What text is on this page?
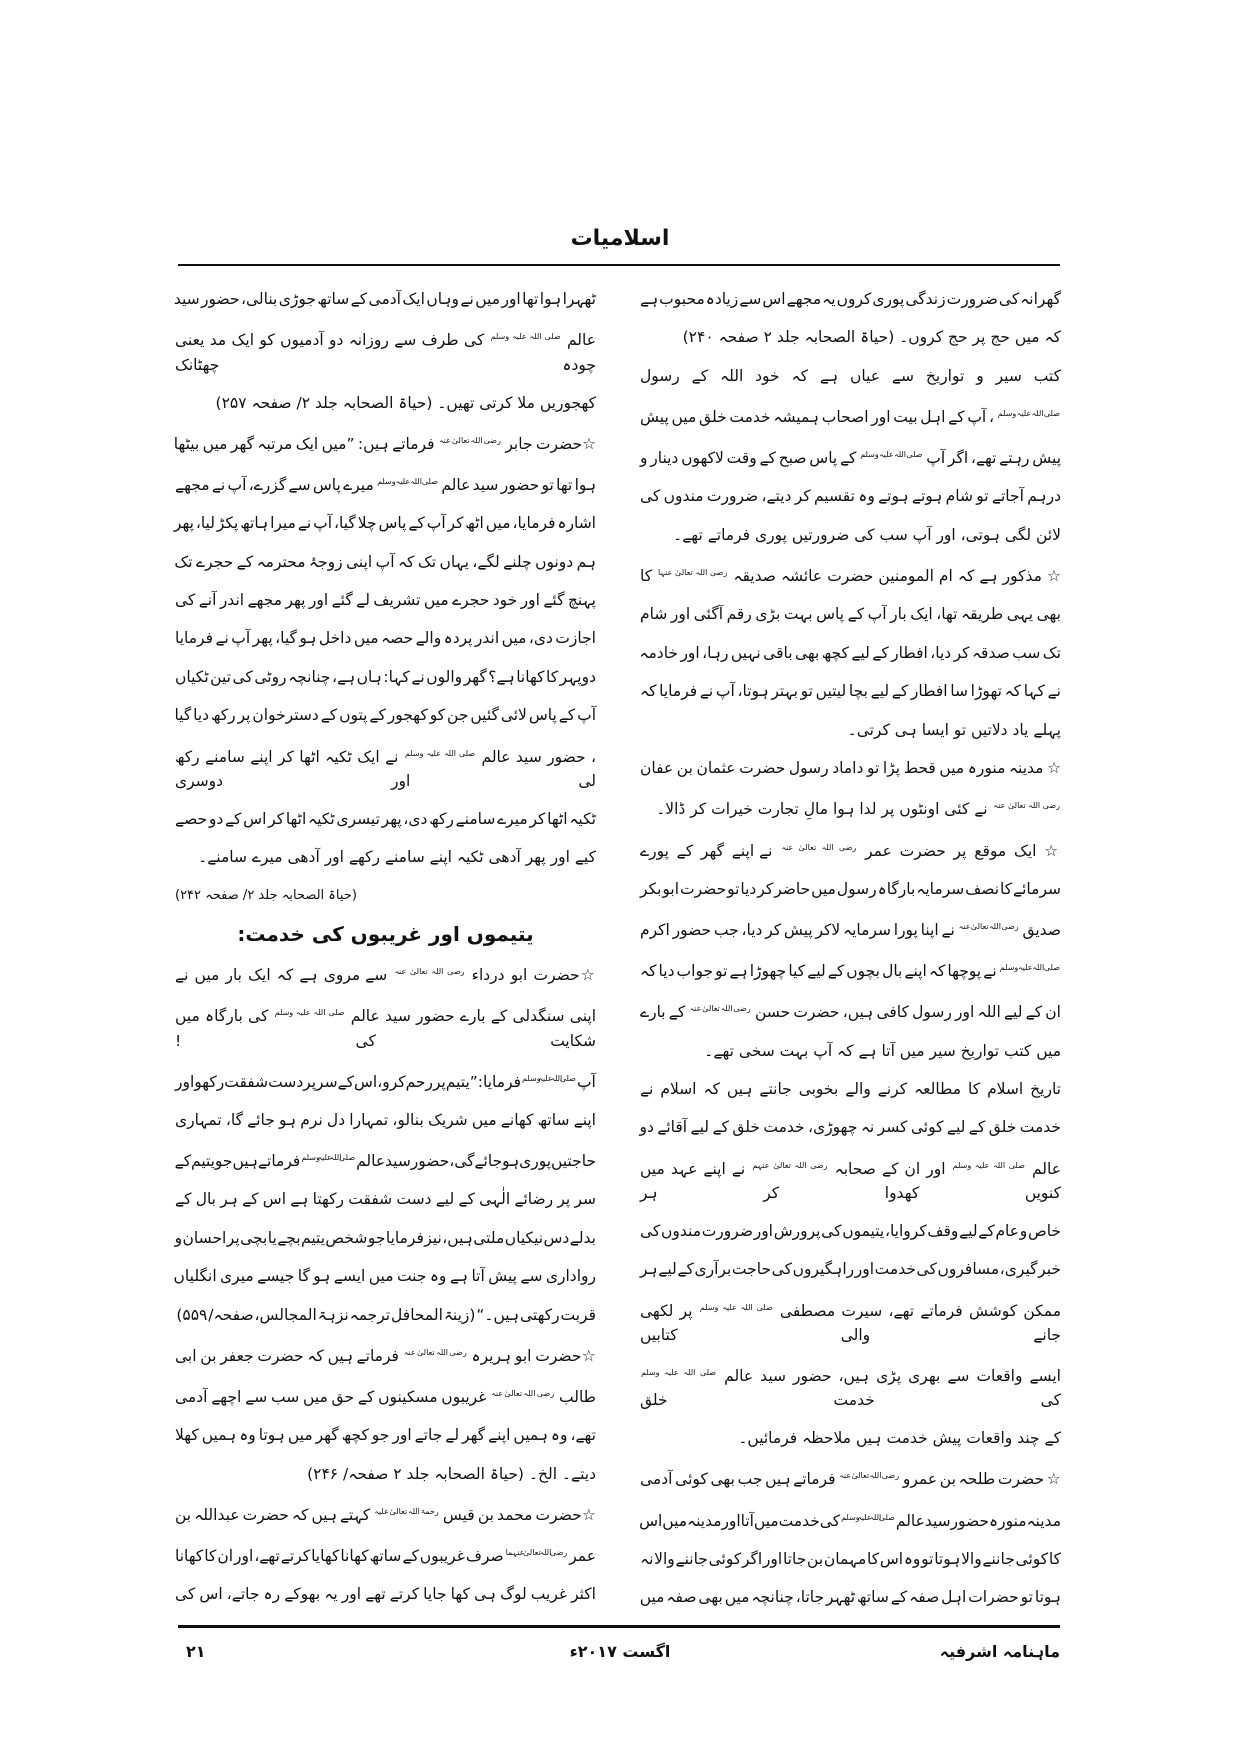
اسلامیات
گھرانہ کی ضرورت زندگی پوری کروں یہ مجھے اس سے زیادہ محبوب ہے
کہ میں حج پر حج کروں۔ (حیاۃ الصحابہ جلد ۲ صفحہ ۲۴۰)
کتب سیر و تواریخ سے عیاں ہے کہ خود اللہ کے رسول
$^{صلی اللہ علیہ وسلم}$ ، آپ کے اہل بیت اور اصحاب ہمیشہ خدمت خلق میں پیش
پیش رہتے تھے، اگر آپ $^{صلی اللہ علیہ وسلم}$ کے پاس صبح کے وقت لاکھوں دینار و
درہم آجاتے تو شام ہوتے ہوتے وہ تقسیم کر دیتے، ضرورت مندوں کی
لائن لگی ہوتی، اور آپ سب کی ضرورتیں پوری فرماتے تھے۔
☆ مذکور ہے کہ ام المومنین حضرت عائشہ صدیقہ $^{رضی اللہ تعالیٰ عنہا}$ کا
بھی یہی طریقہ تھا، ایک بار آپ کے پاس بہت بڑی رقم آگئی اور شام
تک سب صدقہ کر دیا، افطار کے لیے کچھ بھی باقی نہیں رہا، اور خادمہ
نے کہا کہ تھوڑا سا افطار کے لیے بچا لیتیں تو بہتر ہوتا، آپ نے فرمایا کہ
پہلے یاد دلاتیں تو ایسا ہی کرتی۔
☆ مدینہ منورہ میں قحط پڑا تو داماد رسول حضرت عثمان بن عفان
$^{رضی اللہ تعالیٰ عنہ}$ نے کئی اونٹوں پر لدا ہوا مالِ تجارت خیرات کر ڈالا۔
☆ ایک موقع پر حضرت عمر $^{رضی اللہ تعالیٰ عنہ}$ نے اپنے گھر کے پورے
سرمائے کا نصف سرمایہ بارگاہ رسول میں حاضر کر دیا تو حضرت ابو بکر
صدیق $^{رضی اللہ تعالیٰ عنہ}$ نے اپنا پورا سرمایہ لاکر پیش کر دیا، جب حضور اکرم
$^{صلی اللہ علیہ وسلم}$ نے پوچھا کہ اپنے بال بچوں کے لیے کیا چھوڑا ہے تو جواب دیا کہ
ان کے لیے اللہ اور رسول کافی ہیں، حضرت حسن $^{رضی اللہ تعالیٰ عنہ}$ کے بارے
میں کتب تواریخ سیر میں آتا ہے کہ آپ بہت سخی تھے۔
تاریخ اسلام کا مطالعہ کرنے والے بخوبی جانتے ہیں کہ اسلام نے
خدمت خلق کے لیے کوئی کسر نہ چھوڑی، خدمت خلق کے لیے آقائے دو
عالم $^{صلی اللہ علیہ وسلم}$ اور ان کے صحابہ $^{رضی اللہ تعالیٰ عنہم}$ نے اپنے عہد میں کنویں کھدوا کر ہر
خاص و عام کے لیے وقف کروایا، یتیموں کی پرورش اور ضرورت مندوں کی
خبر گیری، مسافروں کی خدمت اور راہگیروں کی حاجت برآری کے لیے ہر
ممکن کوشش فرماتے تھے، سیرت مصطفی $^{صلی اللہ علیہ وسلم}$ پر لکھی جانے والی کتابیں
ایسے واقعات سے بھری پڑی ہیں، حضور سید عالم $^{صلی اللہ علیہ وسلم}$ کی خدمت خلق
کے چند واقعات پیش خدمت ہیں ملاحظہ فرمائیں۔
☆ حضرت طلحہ بن عمرو $^{رضی اللہ تعالیٰ عنہ}$ فرماتے ہیں جب بھی کوئی آدمی
مدینہ منورہ حضور سید عالم $^{صلی اللہ علیہ وسلم}$ کی خدمت میں آتا اور مدینہ میں اس
کا کوئی جاننے والا ہوتا تو وہ اس کا مہمان بن جاتا اور اگر کوئی جاننے والا نہ
ہوتا تو حضرات اہل صفہ کے ساتھ ٹھہر جاتا، چنانچہ میں بھی صفہ میں
ٹھہرا ہوا تھا اور میں نے وہاں ایک آدمی کے ساتھ جوڑی بنالی، حضور سید
عالم $^{صلی اللہ علیہ وسلم}$ کی طرف سے روزانہ دو آدمیوں کو ایک مد یعنی چودہ چھٹانک
کھجوریں ملا کرتی تھیں۔ (حیاۃ الصحابہ جلد ۲/ صفحہ ۲۵۷)
☆حضرت جابر $^{رضی اللہ تعالیٰ عنہ}$ فرماتے ہیں: ”میں ایک مرتبہ گھر میں بیٹھا
ہوا تھا تو حضور سید عالم $^{صلی اللہ علیہ وسلم}$ میرے پاس سے گزرے، آپ نے مجھے
اشارہ فرمایا، میں اٹھ کر آپ کے پاس چلا گیا، آپ نے میرا ہاتھ پکڑ لیا، پھر
ہم دونوں چلنے لگے، یہاں تک کہ آپ اپنی زوجۂ محترمہ کے حجرے تک
پہنچ گئے اور خود حجرے میں تشریف لے گئے اور پھر مجھے اندر آنے کی
اجازت دی، میں اندر پردہ والے حصہ میں داخل ہو گیا، پھر آپ نے فرمایا
دوپہر کا کھانا ہے؟ گھر والوں نے کہا: ہاں ہے، چنانچہ روٹی کی تین ٹکیاں
آپ کے پاس لائی گئیں جن کو کھجور کے پتوں کے دسترخوان پر رکھ دیا گیا
، حضور سید عالم $^{صلی اللہ علیہ وسلم}$ نے ایک ٹکیہ اٹھا کر اپنے سامنے رکھ لی اور دوسری
ٹکیہ اٹھا کر میرے سامنے رکھ دی، پھر تیسری ٹکیہ اٹھا کر اس کے دو حصے
کیے اور پھر آدھی ٹکیہ اپنے سامنے رکھے اور آدھی میرے سامنے۔
(حیاۃ الصحابہ جلد ۲/ صفحہ ۲۴۲)
یتیموں اور غریبوں کی خدمت:
☆حضرت ابو درداء $^{رضی اللہ تعالیٰ عنہ}$ سے مروی ہے کہ ایک بار میں نے
اپنی سنگدلی کے بارے حضور سید عالم $^{صلی اللہ علیہ وسلم}$ کی بارگاہ میں شکایت کی !
آپ $^{صلی اللہ علیہ وسلم}$ فرمایا: ”یتیم پر رحم کرو، اس کے سر پر دست شفقت رکھو اور
اپنے ساتھ کھانے میں شریک بنالو، تمہارا دل نرم ہو جائے گا، تمہاری
حاجتیں پوری ہو جائے گی، حضور سید عالم $^{صلی اللہ علیہ وسلم}$ فرماتے ہیں جو یتیم کے
سر پر رضائے الٰہی کے لیے دست شفقت رکھتا ہے اس کے ہر بال کے
بدلے دس نیکیاں ملتی ہیں، نیز فرمایا جو شخص یتیم بچے یا بچی پر احسان و
رواداری سے پیش آتا ہے وہ جنت میں ایسے ہو گا جیسے میری انگلیاں
قربت رکھتی ہیں۔“ (زینۃ المحافل ترجمہ نزہۃ المجالس، صفحہ/ ۵۵۹)
☆حضرت ابو ہریرہ $^{رضی اللہ تعالیٰ عنہ}$ فرماتے ہیں کہ حضرت جعفر بن ابی
طالب $^{رضی اللہ تعالیٰ عنہ}$ غریبوں مسکینوں کے حق میں سب سے اچھے آدمی
تھے، وہ ہمیں اپنے گھر لے جاتے اور جو کچھ گھر میں ہوتا وہ ہمیں کھلا
دیتے۔ الخ۔ (حیاۃ الصحابہ جلد ۲ صفحہ/ ۲۴۶)
☆حضرت محمد بن قیس $^{رحمۃ اللہ تعالیٰ علیہ}$ کہتے ہیں کہ حضرت عبداللہ بن
عمر $^{رضی اللہ تعالیٰ عنہما}$ صرف غریبوں کے ساتھ کھانا کھایا کرتے تھے، اور ان کا کھانا
اکثر غریب لوگ ہی کھا جایا کرتے تھے اور یہ بھوکے رہ جاتے، اس کی
ماہنامہ اشرفیہ
اگست ۲۰۱۷ء
۲۱
